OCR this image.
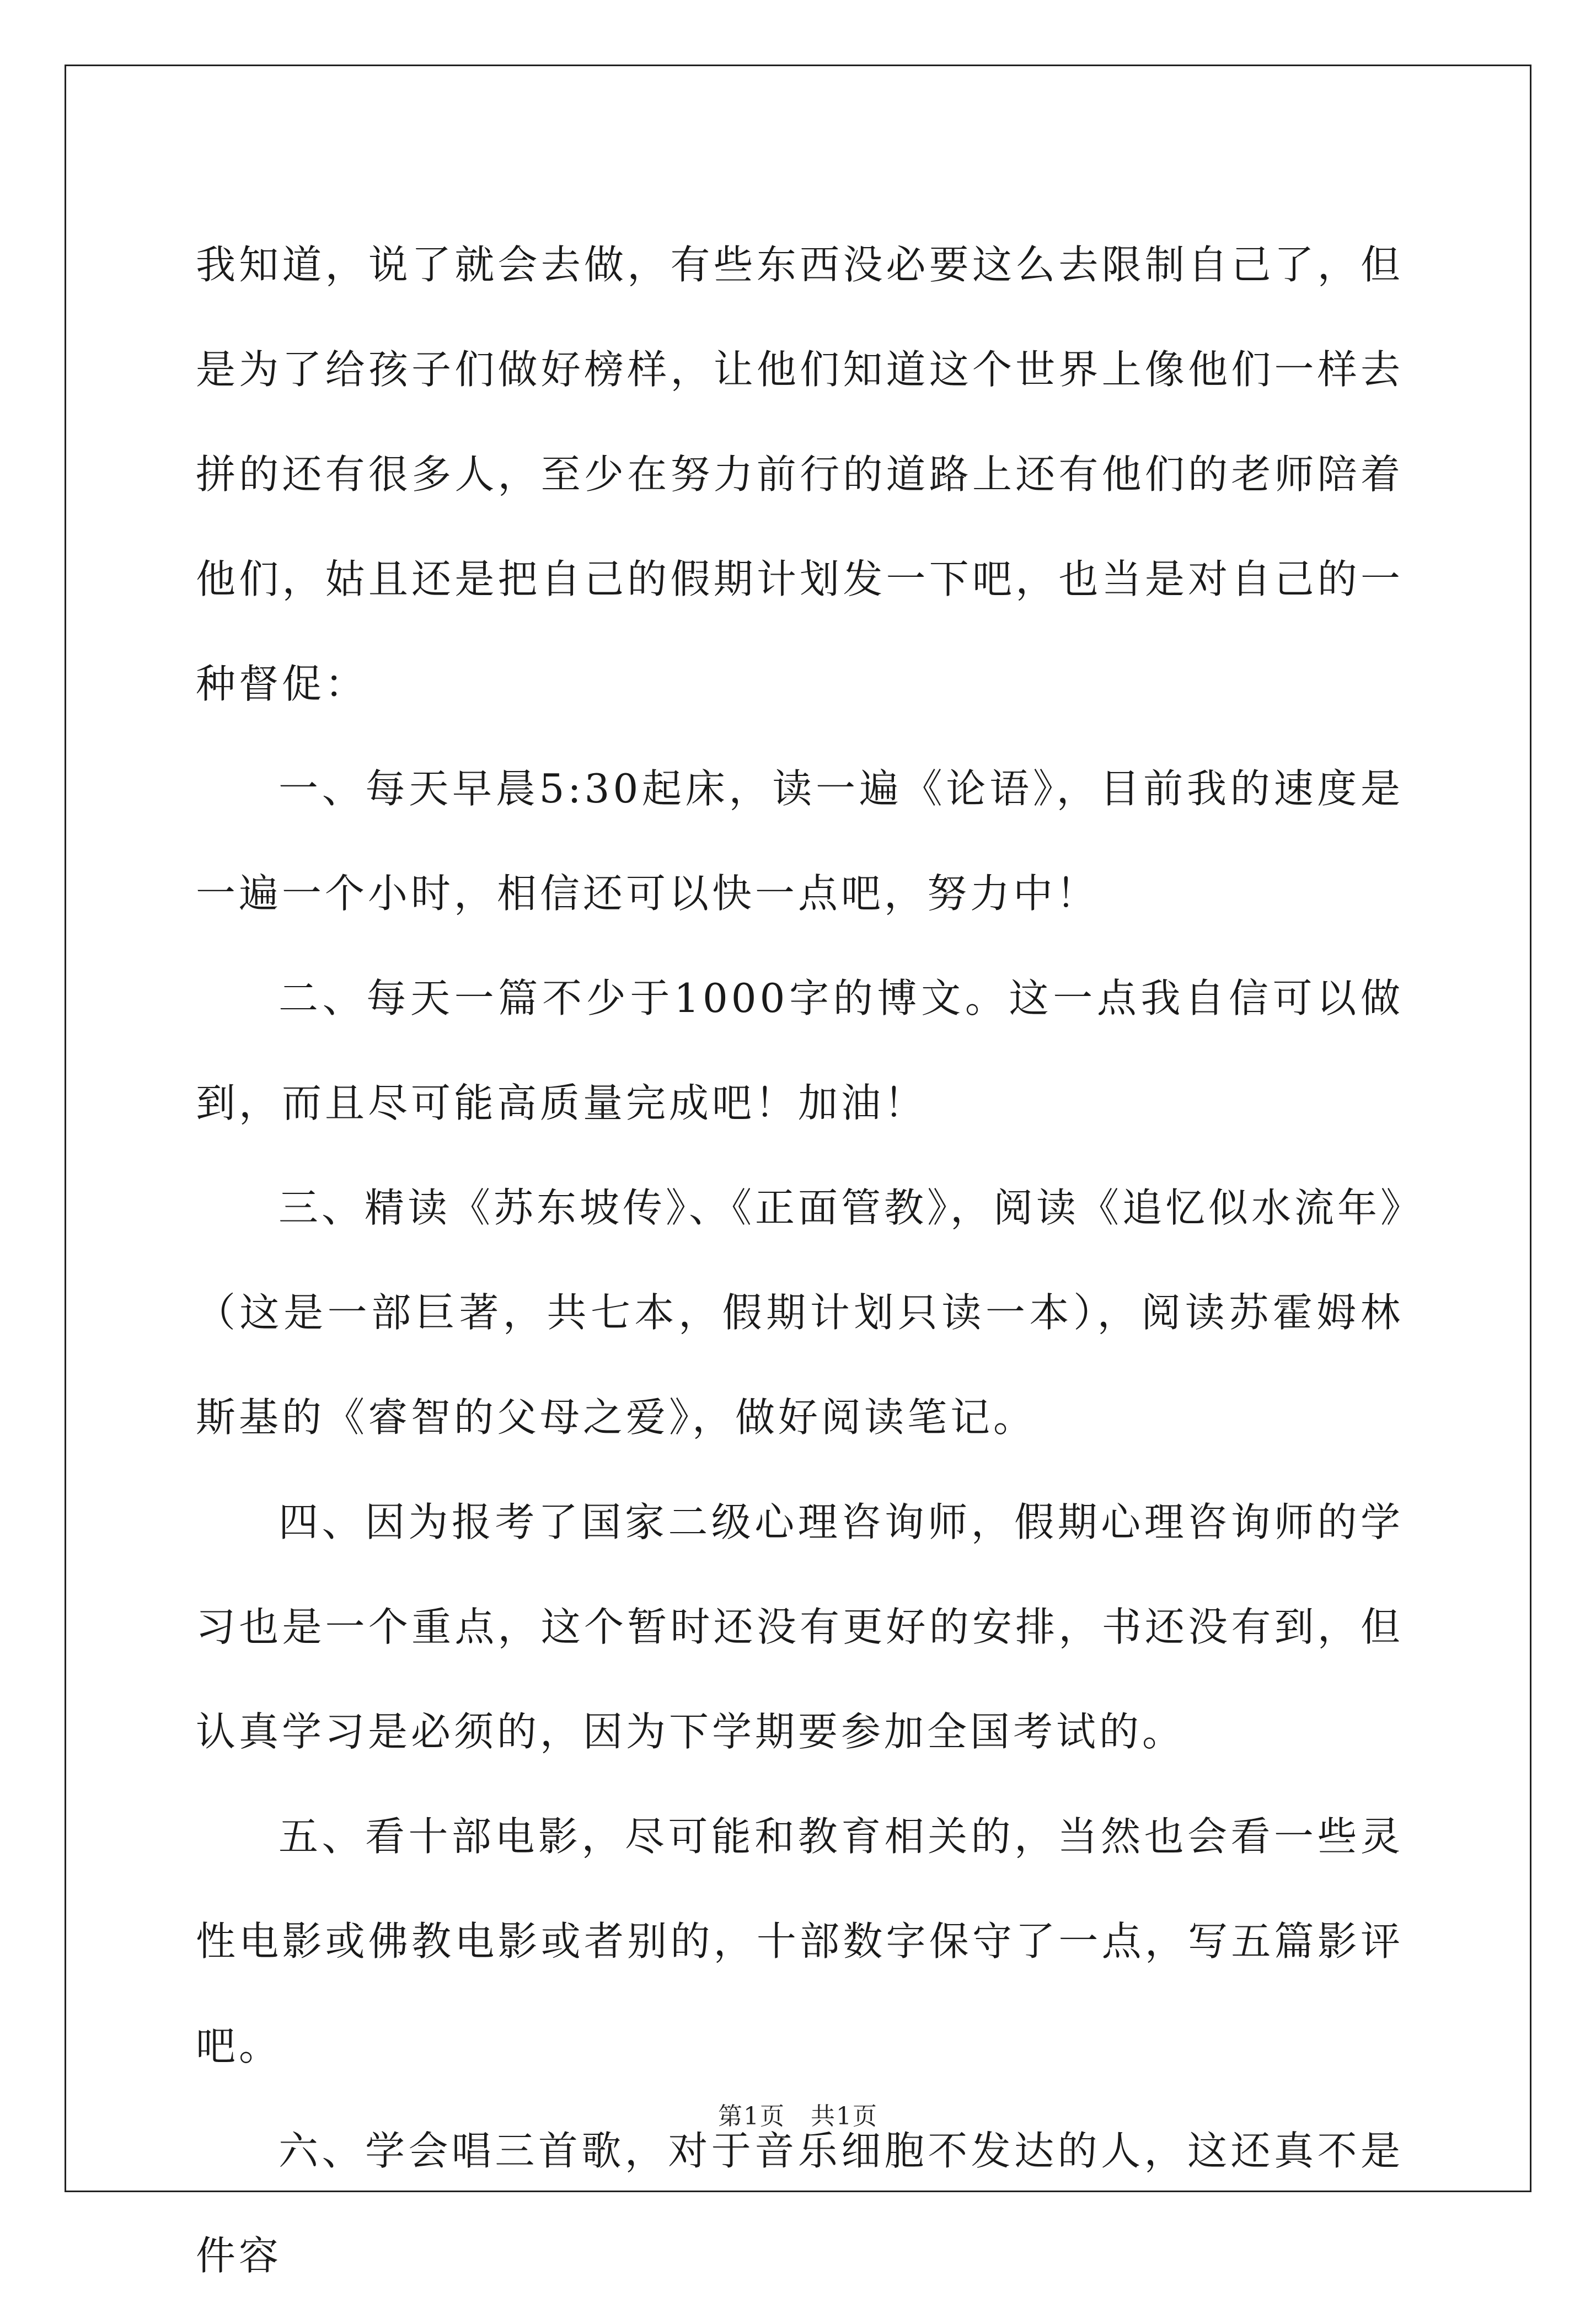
我知道，说了就会去做，有些东西没必要这么去限制自己了，但是为了给孩子们做好榜样，让他们知道这个世界上像他们一样去拼的还有很多人，至少在努力前行的道路上还有他们的老师陪着他们，姑且还是把自己的假期计划发一下吧，也当是对自己的一种督促：

一、每天早晨5:30起床，读一遍《论语》，目前我的速度是一遍一个小时，相信还可以快一点吧，努力中！

二、每天一篇不少于1000字的博文。这一点我自信可以做到，而且尽可能高质量完成吧！加油！

三、精读《苏东坡传》、《正面管教》，阅读《追忆似水流年》（这是一部巨著，共七本，假期计划只读一本），阅读苏霍姆林斯基的《睿智的父母之爱》，做好阅读笔记。

四、因为报考了国家二级心理咨询师，假期心理咨询师的学习也是一个重点，这个暂时还没有更好的安排，书还没有到，但认真学习是必须的，因为下学期要参加全国考试的。

五、看十部电影，尽可能和教育相关的，当然也会看一些灵性电影或佛教电影或者别的，十部数字保守了一点，写五篇影评吧。

六、学会唱三首歌，对于音乐细胞不发达的人，这还真不是件容

第1页 共1页
